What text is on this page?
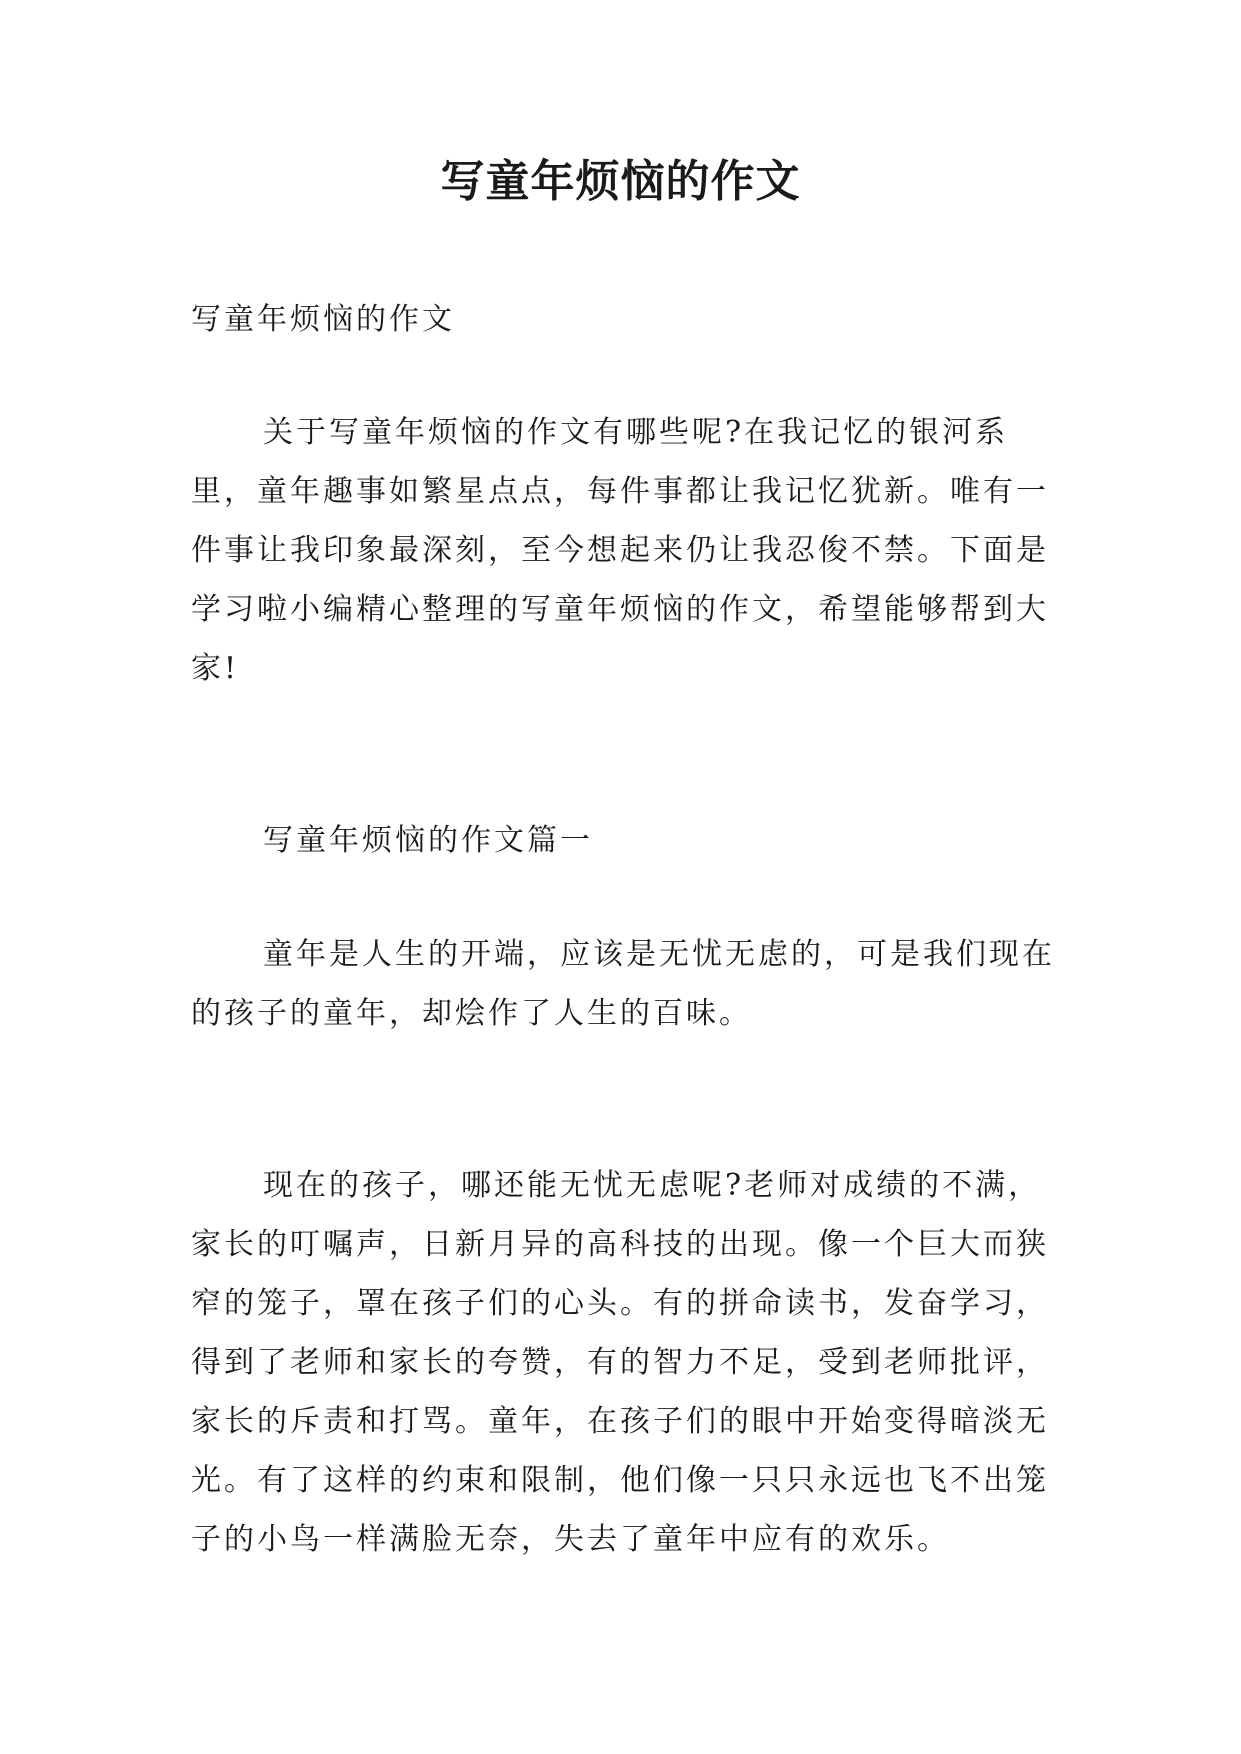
写童年烦恼的作文
写童年烦恼的作文
关于写童年烦恼的作文有哪些呢?在我记忆的银河系里，童年趣事如繁星点点，每件事都让我记忆犹新。唯有一件事让我印象最深刻，至今想起来仍让我忍俊不禁。下面是学习啦小编精心整理的写童年烦恼的作文，希望能够帮到大家!
写童年烦恼的作文篇一
童年是人生的开端，应该是无忧无虑的，可是我们现在的孩子的童年，却烩作了人生的百味。
现在的孩子，哪还能无忧无虑呢?老师对成绩的不满，家长的叮嘱声，日新月异的高科技的出现。像一个巨大而狭窄的笼子，罩在孩子们的心头。有的拼命读书，发奋学习，得到了老师和家长的夸赞，有的智力不足，受到老师批评，家长的斥责和打骂。童年，在孩子们的眼中开始变得暗淡无光。有了这样的约束和限制，他们像一只只永远也飞不出笼子的小鸟一样满脸无奈，失去了童年中应有的欢乐。
